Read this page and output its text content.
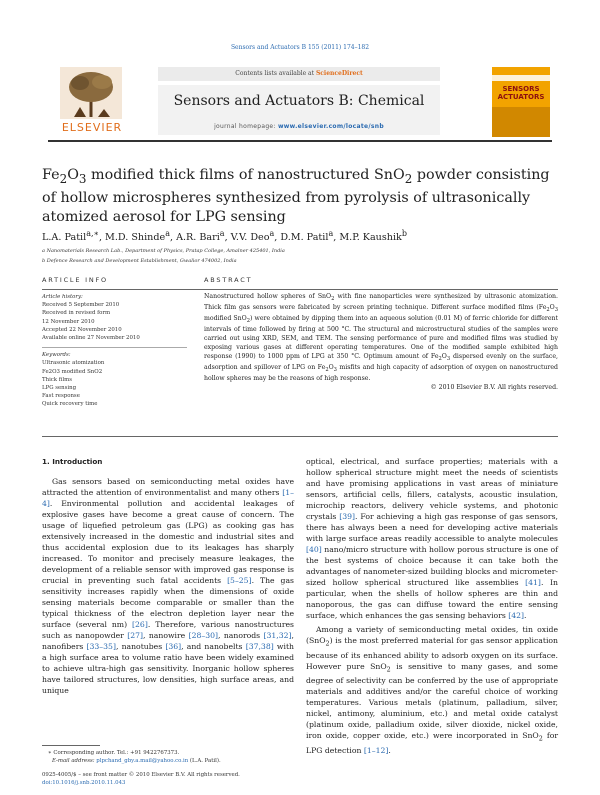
Sensors and Actuators B 155 (2011) 174–182
ELSEVIER
Contents lists available at ScienceDirect
Sensors and Actuators B: Chemical
journal homepage: www.elsevier.com/locate/snb
SENSORS
ACTUATORS
$Fe_2O_3$ modified thick films of nanostructured SnO$_2$ powder consisting of hollow microspheres synthesized from pyrolysis of ultrasonically atomized aerosol for LPG sensing
L.A. Patil$^{a,∗}$, M.D. Shinde$^a$, A.R. Bari$^a$, V.V. Deo$^a$, D.M. Patil$^a$, M.P. Kaushik$^b$
a Nanomaterials Research Lab., Department of Physics, Pratap College, Amalner 425401, India
b Defence Research and Development Establishment, Gwalior 474002, India
ARTICLE INFO
Article history:
Received 5 September 2010
Received in revised form
12 November 2010
Accepted 22 November 2010
Available online 27 November 2010
Keywords:
Ultrasonic atomization
Fe2O3 modified SnO2
Thick films
LPG sensing
Fast response
Quick recovery time
ABSTRACT
Nanostructured hollow spheres of SnO$_2$ with fine nanoparticles were synthesized by ultrasonic atomization. Thick film gas sensors were fabricated by screen printing technique. Different surface modified films ($Fe_2O_3$ modified SnO$_2$) were obtained by dipping them into an aqueous solution (0.01 M) of ferric chloride for different intervals of time followed by firing at 500 °C. The structural and microstructural studies of the samples were carried out using XRD, SEM, and TEM. The sensing performance of pure and modified films was studied by exposing various gases at different operating temperatures. One of the modified sample exhibited high response (1990) to 1000 ppm of LPG at 350 °C. Optimum amount of $Fe_2O_3$ dispersed evenly on the surface, adsorption and spillover of LPG on $Fe_2O_3$ misfits and high capacity of adsorption of oxygen on nanostructured hollow spheres may be the reasons of high response.
© 2010 Elsevier B.V. All rights reserved.
1. Introduction

Gas sensors based on semiconducting metal oxides have attracted the attention of environmentalist and many others [1–4]. Environmental pollution and accidental leakages of explosive gases have become a great cause of concern. The usage of liquefied petroleum gas (LPG) as cooking gas has extensively increased in the domestic and industrial sites and thus accidental explosion due to its leakages has sharply increased. To monitor and precisely measure leakages, the development of a reliable sensor with improved gas response is crucial in preventing such fatal accidents [5–25]. The gas sensitivity increases rapidly when the dimensions of oxide sensing materials become comparable or smaller than the typical thickness of the electron depletion layer near the surface (several nm) [26]. Therefore, various nanostructures such as nanopowder [27], nanowire [28–30], nanorods [31,32], nanofibers [33–35], nanotubes [36], and nanobelts [37,38] with a high surface area to volume ratio have been widely examined to achieve ultra-high gas sensitivity. Inorganic hollow spheres have tailored structures, low densities, high surface areas, and unique

optical, electrical, and surface properties; materials with a hollow spherical structure might meet the needs of scientists and have promising applications in vast areas of miniature sensors, artificial cells, fillers, catalysts, acoustic insulation, microchip reactors, delivery vehicle systems, and photonic crystals [39]. For achieving a high gas response of gas sensors, there has always been a need for developing active materials with large surface areas readily accessible to analyte molecules [40] nano/micro structure with hollow porous structure is one of the best systems of choice because it can take both the advantages of nanometer-sized building blocks and micrometer-sized hollow spherical structured like assemblies [41]. In particular, when the shells of hollow spheres are thin and nanoporous, the gas can diffuse toward the entire sensing surface, which enhances the gas sensing behaviors [42].

Among a variety of semiconducting metal oxides, tin oxide (SnO$_2$) is the most preferred material for gas sensor application because of its enhanced ability to adsorb oxygen on its surface. However pure SnO$_2$ is sensitive to many gases, and some degree of selectivity can be conferred by the use of appropriate materials and additives and/or the careful choice of working temperatures. Various metals (platinum, palladium, silver, nickel, antimony, aluminium, etc.) and metal oxide catalyst (platinum oxide, palladium oxide, silver dioxide, nickel oxide, iron oxide, copper oxide, etc.) were incorporated in SnO$_2$ for LPG detection [1–12].

∗ Corresponding author. Tel.: +91 9422767373.
E-mail address: plpchand_gby.a.mail@yahoo.co.in (L.A. Patil).
0925-4005/$ – see front matter © 2010 Elsevier B.V. All rights reserved.
doi:10.1016/j.snb.2010.11.043
